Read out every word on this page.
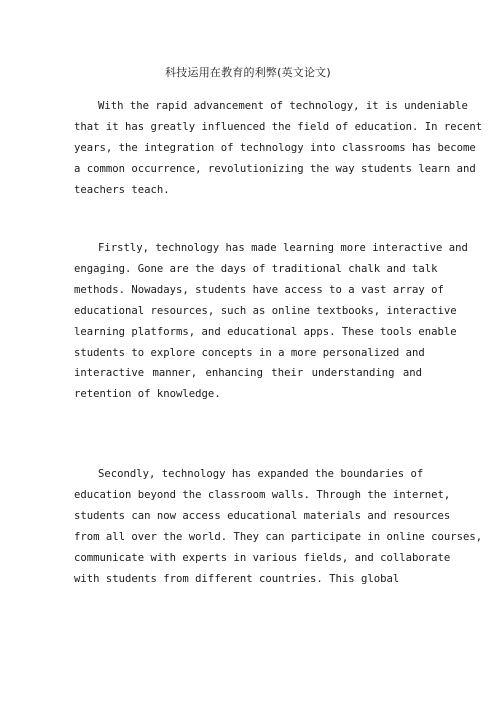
科技运用在教育的利弊(英文论文)
With the rapid advancement of technology, it is undeniable
that it has greatly influenced the field of education. In recent
years, the integration of technology into classrooms has become
a common occurrence, revolutionizing the way students learn and
teachers teach.
Firstly, technology has made learning more interactive and
engaging. Gone are the days of traditional chalk and talk
methods. Nowadays, students have access to a vast array of
educational resources, such as online textbooks, interactive
learning platforms, and educational apps. These tools enable
students to explore concepts in a more personalized and
interactive manner, enhancing their understanding and
retention of knowledge.
Secondly, technology has expanded the boundaries of
education beyond the classroom walls. Through the internet,
students can now access educational materials and resources
from all over the world. They can participate in online courses,
communicate with experts in various fields, and collaborate
with students from different countries. This global
